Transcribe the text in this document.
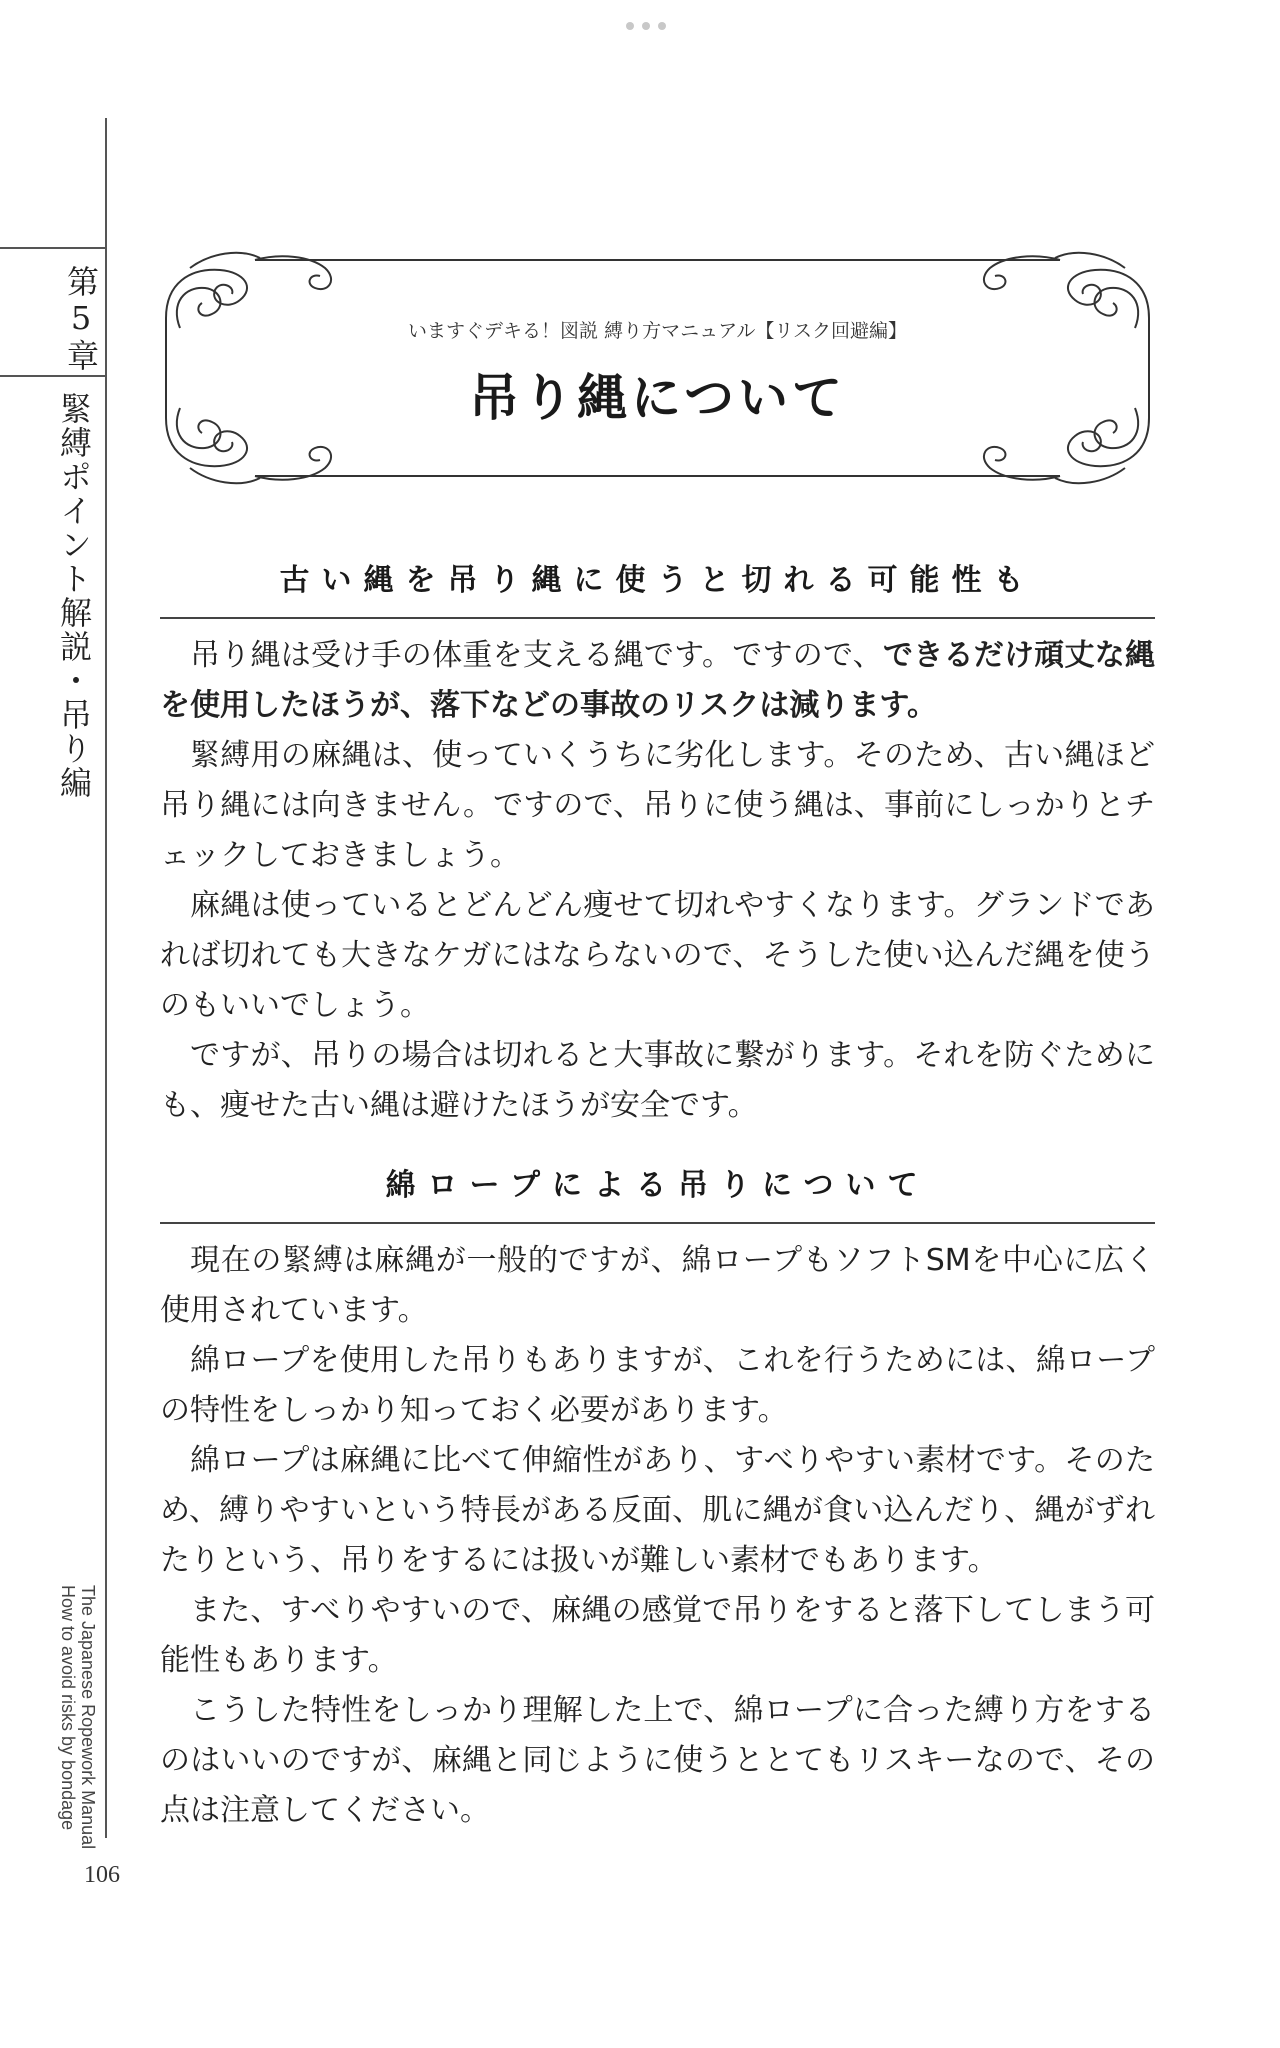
第5章
緊縛ポイント解説・吊り編
The Japanese Ropework Manual
How to avoid risks by bondage
106
いますぐデキる！図説 縛り方マニュアル【リスク回避編】
吊り縄について
古い縄を吊り縄に使うと切れる可能性も

吊り縄は受け手の体重を支える縄です。ですので、できるだけ頑丈な縄を使用したほうが、落下などの事故のリスクは減ります。

緊縛用の麻縄は、使っていくうちに劣化します。そのため、古い縄ほど吊り縄には向きません。ですので、吊りに使う縄は、事前にしっかりとチェックしておきましょう。

麻縄は使っているとどんどん痩せて切れやすくなります。グランドであれば切れても大きなケガにはならないので、そうした使い込んだ縄を使うのもいいでしょう。

ですが、吊りの場合は切れると大事故に繋がります。それを防ぐためにも、痩せた古い縄は避けたほうが安全です。

綿ロープによる吊りについて

現在の緊縛は麻縄が一般的ですが、綿ロープもソフトSMを中心に広く使用されています。

綿ロープを使用した吊りもありますが、これを行うためには、綿ロープの特性をしっかり知っておく必要があります。

綿ロープは麻縄に比べて伸縮性があり、すべりやすい素材です。そのため、縛りやすいという特長がある反面、肌に縄が食い込んだり、縄がずれたりという、吊りをするには扱いが難しい素材でもあります。

また、すべりやすいので、麻縄の感覚で吊りをすると落下してしまう可能性もあります。

こうした特性をしっかり理解した上で、綿ロープに合った縛り方をするのはいいのですが、麻縄と同じように使うととてもリスキーなので、その点は注意してください。
